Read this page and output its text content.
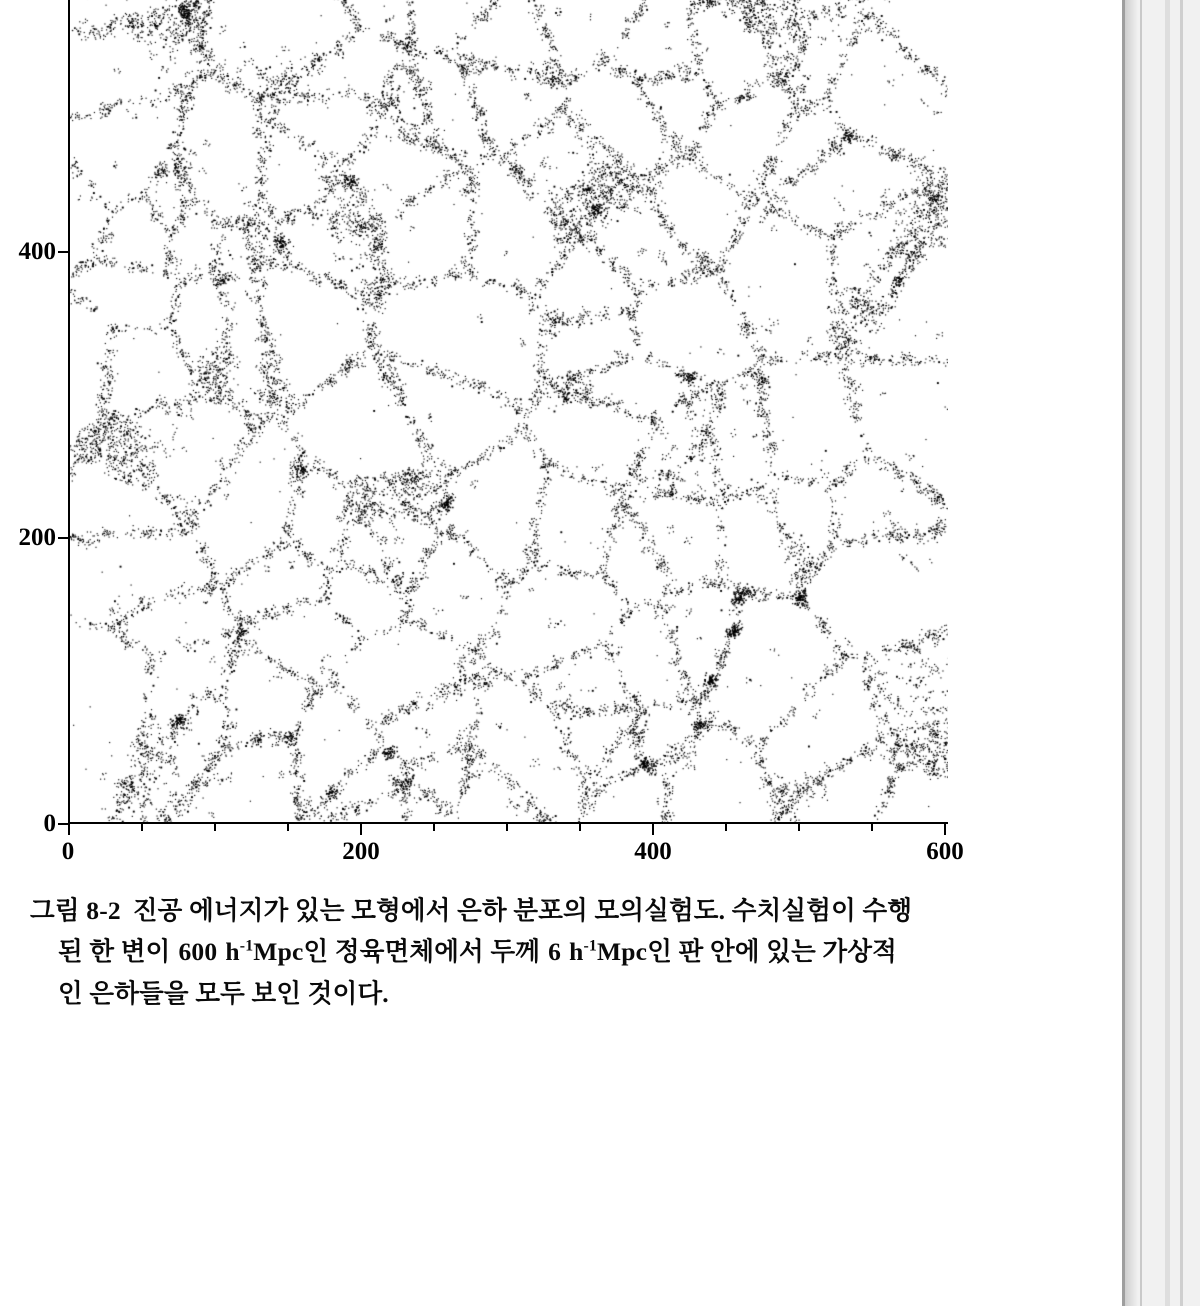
0
200
400
0	200	400	600
그림 8-2 진공 에너지가 있는 모형에서 은하 분포의 모의실험도. 수치실험이 수행
된 한 변이 600 $h^{-1}Mpc$인 정육면체에서 두께 6 $h^{-1}Mpc$인 판 안에 있는 가상적
인 은하들을 모두 보인 것이다.
